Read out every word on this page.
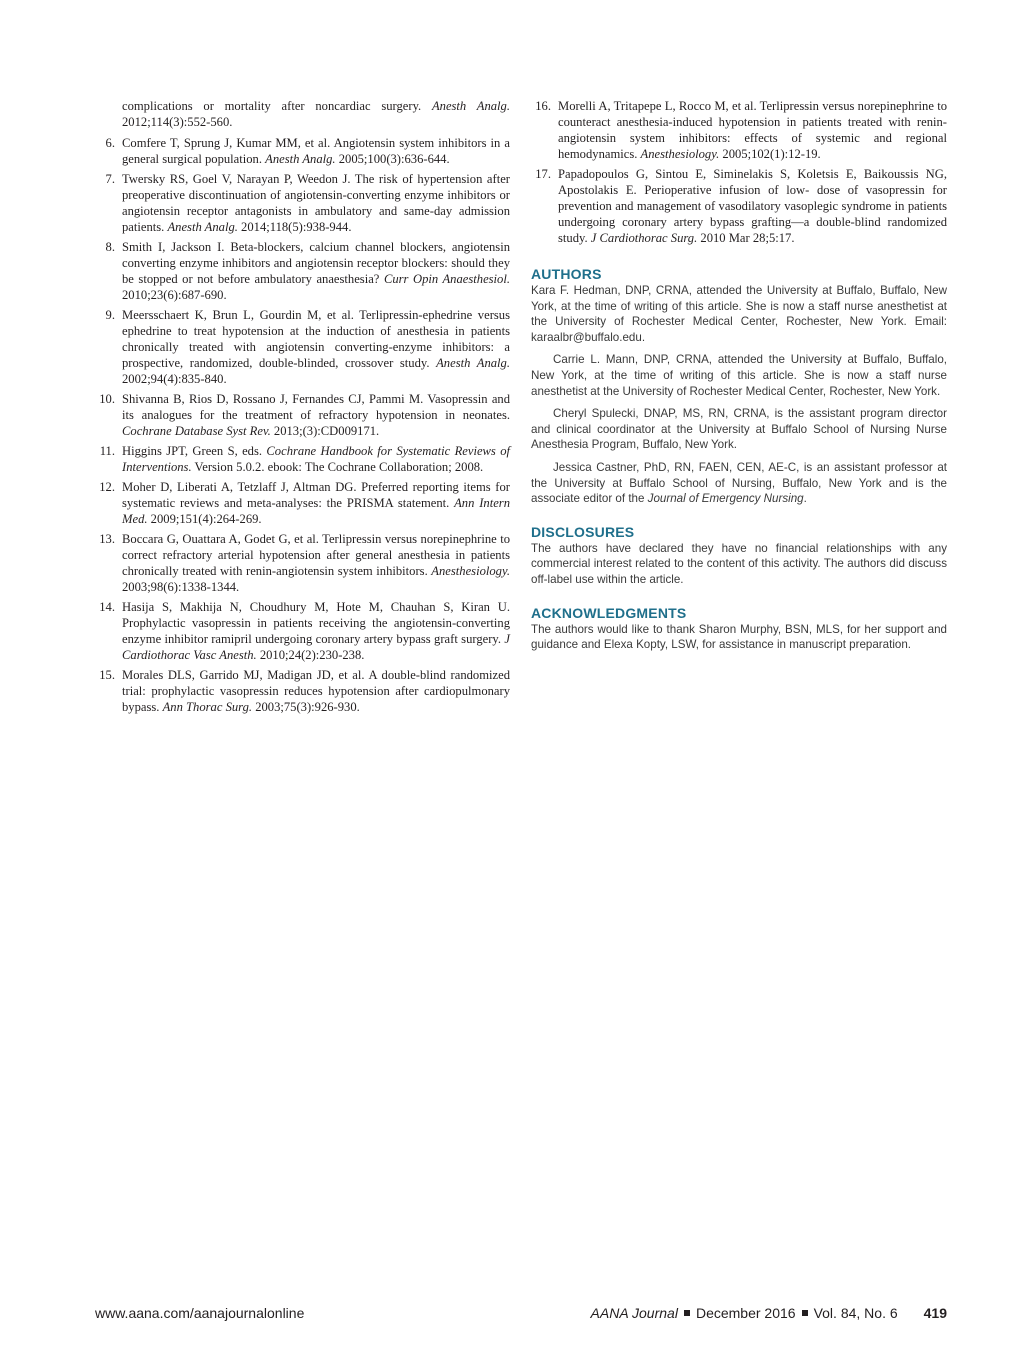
complications or mortality after noncardiac surgery. Anesth Analg. 2012;114(3):552-560.
6. Comfere T, Sprung J, Kumar MM, et al. Angiotensin system inhibitors in a general surgical population. Anesth Analg. 2005;100(3):636-644.
7. Twersky RS, Goel V, Narayan P, Weedon J. The risk of hypertension after preoperative discontinuation of angiotensin-converting enzyme inhibitors or angiotensin receptor antagonists in ambulatory and same-day admission patients. Anesth Analg. 2014;118(5):938-944.
8. Smith I, Jackson I. Beta-blockers, calcium channel blockers, angiotensin converting enzyme inhibitors and angiotensin receptor blockers: should they be stopped or not before ambulatory anaesthesia? Curr Opin Anaesthesiol. 2010;23(6):687-690.
9. Meersschaert K, Brun L, Gourdin M, et al. Terlipressin-ephedrine versus ephedrine to treat hypotension at the induction of anesthesia in patients chronically treated with angiotensin converting-enzyme inhibitors: a prospective, randomized, double-blinded, crossover study. Anesth Analg. 2002;94(4):835-840.
10. Shivanna B, Rios D, Rossano J, Fernandes CJ, Pammi M. Vasopressin and its analogues for the treatment of refractory hypotension in neonates. Cochrane Database Syst Rev. 2013;(3):CD009171.
11. Higgins JPT, Green S, eds. Cochrane Handbook for Systematic Reviews of Interventions. Version 5.0.2. ebook: The Cochrane Collaboration; 2008.
12. Moher D, Liberati A, Tetzlaff J, Altman DG. Preferred reporting items for systematic reviews and meta-analyses: the PRISMA statement. Ann Intern Med. 2009;151(4):264-269.
13. Boccara G, Ouattara A, Godet G, et al. Terlipressin versus norepinephrine to correct refractory arterial hypotension after general anesthesia in patients chronically treated with renin-angiotensin system inhibitors. Anesthesiology. 2003;98(6):1338-1344.
14. Hasija S, Makhija N, Choudhury M, Hote M, Chauhan S, Kiran U. Prophylactic vasopressin in patients receiving the angiotensin-converting enzyme inhibitor ramipril undergoing coronary artery bypass graft surgery. J Cardiothorac Vasc Anesth. 2010;24(2):230-238.
15. Morales DLS, Garrido MJ, Madigan JD, et al. A double-blind randomized trial: prophylactic vasopressin reduces hypotension after cardiopulmonary bypass. Ann Thorac Surg. 2003;75(3):926-930.
16. Morelli A, Tritapepe L, Rocco M, et al. Terlipressin versus norepinephrine to counteract anesthesia-induced hypotension in patients treated with renin-angiotensin system inhibitors: effects of systemic and regional hemodynamics. Anesthesiology. 2005;102(1):12-19.
17. Papadopoulos G, Sintou E, Siminelakis S, Koletsis E, Baikoussis NG, Apostolakis E. Perioperative infusion of low- dose of vasopressin for prevention and management of vasodilatory vasoplegic syndrome in patients undergoing coronary artery bypass grafting—a double-blind randomized study. J Cardiothorac Surg. 2010 Mar 28;5:17.
AUTHORS

Kara F. Hedman, DNP, CRNA, attended the University at Buffalo, Buffalo, New York, at the time of writing of this article. She is now a staff nurse anesthetist at the University of Rochester Medical Center, Rochester, New York. Email: karaalbr@buffalo.edu.

Carrie L. Mann, DNP, CRNA, attended the University at Buffalo, Buffalo, New York, at the time of writing of this article. She is now a staff nurse anesthetist at the University of Rochester Medical Center, Rochester, New York.

Cheryl Spulecki, DNAP, MS, RN, CRNA, is the assistant program director and clinical coordinator at the University at Buffalo School of Nursing Nurse Anesthesia Program, Buffalo, New York.

Jessica Castner, PhD, RN, FAEN, CEN, AE-C, is an assistant professor at the University at Buffalo School of Nursing, Buffalo, New York and is the associate editor of the Journal of Emergency Nursing.

DISCLOSURES

The authors have declared they have no financial relationships with any commercial interest related to the content of this activity. The authors did discuss off-label use within the article.

ACKNOWLEDGMENTS

The authors would like to thank Sharon Murphy, BSN, MLS, for her support and guidance and Elexa Kopty, LSW, for assistance in manuscript preparation.

www.aana.com/aanajournalonline	AANA Journal December 2016 Vol. 84, No. 6 419
